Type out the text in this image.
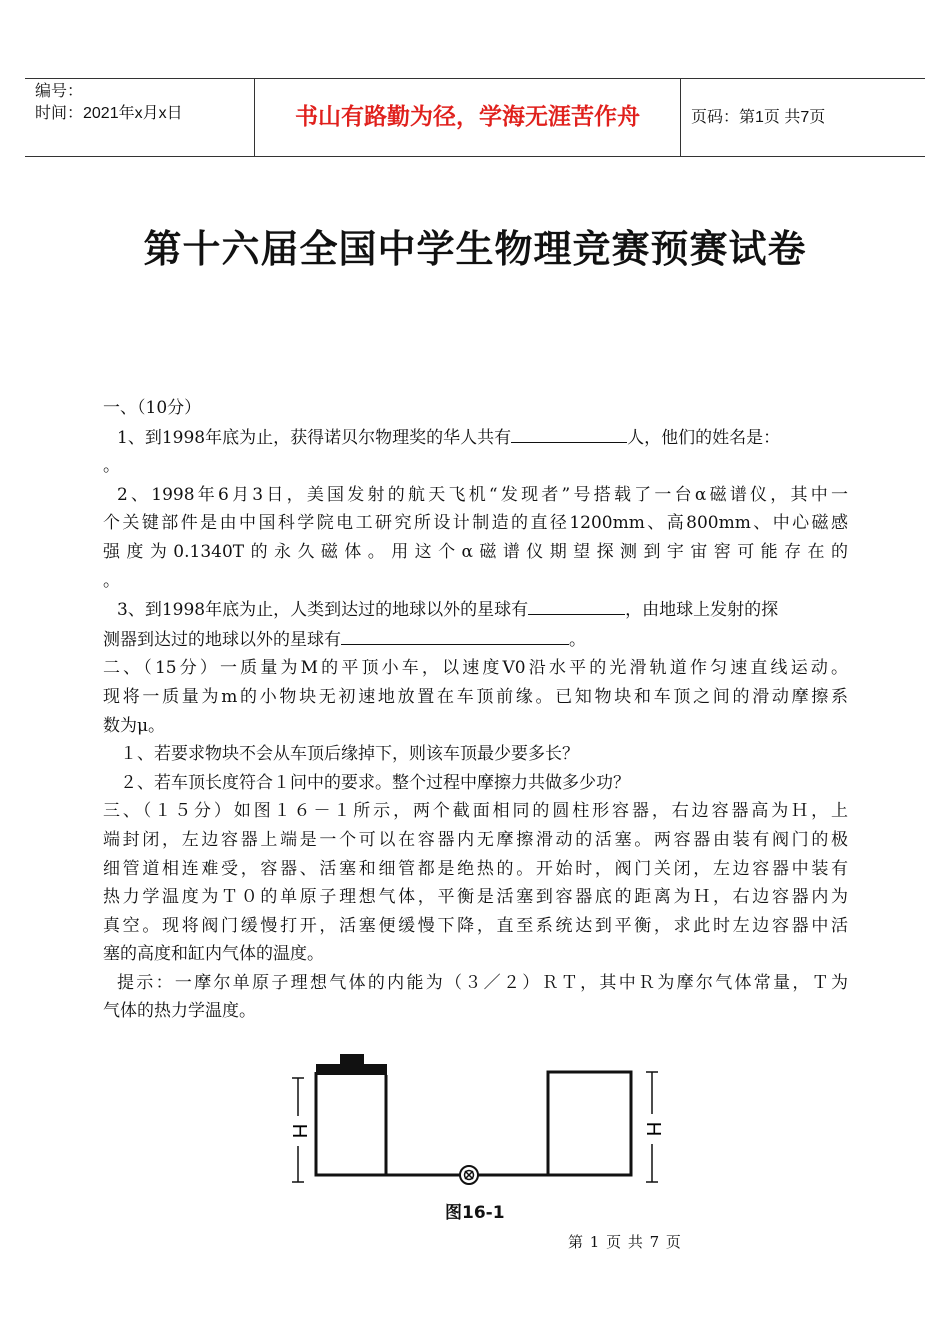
编号：
时间：2021年x月x日	书山有路勤为径，学海无涯苦作舟	页码：第1页 共7页
第十六届全国中学生物理竞赛预赛试卷

一、（10分）

1、到1998年底为止，获得诺贝尔物理奖的华人共有	人，他们的姓名是：

。

2、1998年6月3日，美国发射的航天飞机“发现者”号搭载了一台α磁谱仪，其中一

个关键部件是由中国科学院电工研究所设计制造的直径1200mm、高800mm、中心磁感

强度为0.1340T的永久磁体。用这个α磁谱仪期望探测到宇宙窖可能存在的

。

3、到1998年底为止，人类到达过的地球以外的星球有	，由地球上发射的探

测器到达过的地球以外的星球有	。

二、（15分）一质量为M的平顶小车，以速度V0沿水平的光滑轨道作匀速直线运动。

现将一质量为m的小物块无初速地放置在车顶前缘。已知物块和车顶之间的滑动摩擦系

数为μ。

１、若要求物块不会从车顶后缘掉下，则该车顶最少要多长？

２、若车顶长度符合１问中的要求。整个过程中摩擦力共做多少功？

三、（１５分）如图１６－１所示，两个截面相同的圆柱形容器，右边容器高为Ｈ，上

端封闭，左边容器上端是一个可以在容器内无摩擦滑动的活塞。两容器由装有阀门的极

细管道相连难受，容器、活塞和细管都是绝热的。开始时，阀门关闭，左边容器中装有

热力学温度为Ｔ０的单原子理想气体，平衡是活塞到容器底的距离为Ｈ，右边容器内为

真空。现将阀门缓慢打开，活塞便缓慢下降，直至系统达到平衡，求此时左边容器中活

塞的高度和缸内气体的温度。

提示：一摩尔单原子理想气体的内能为（３／２）ＲＴ，其中Ｒ为摩尔气体常量，Ｔ为

气体的热力学温度。

H	H
图16-1
第 1 页 共 7 页
